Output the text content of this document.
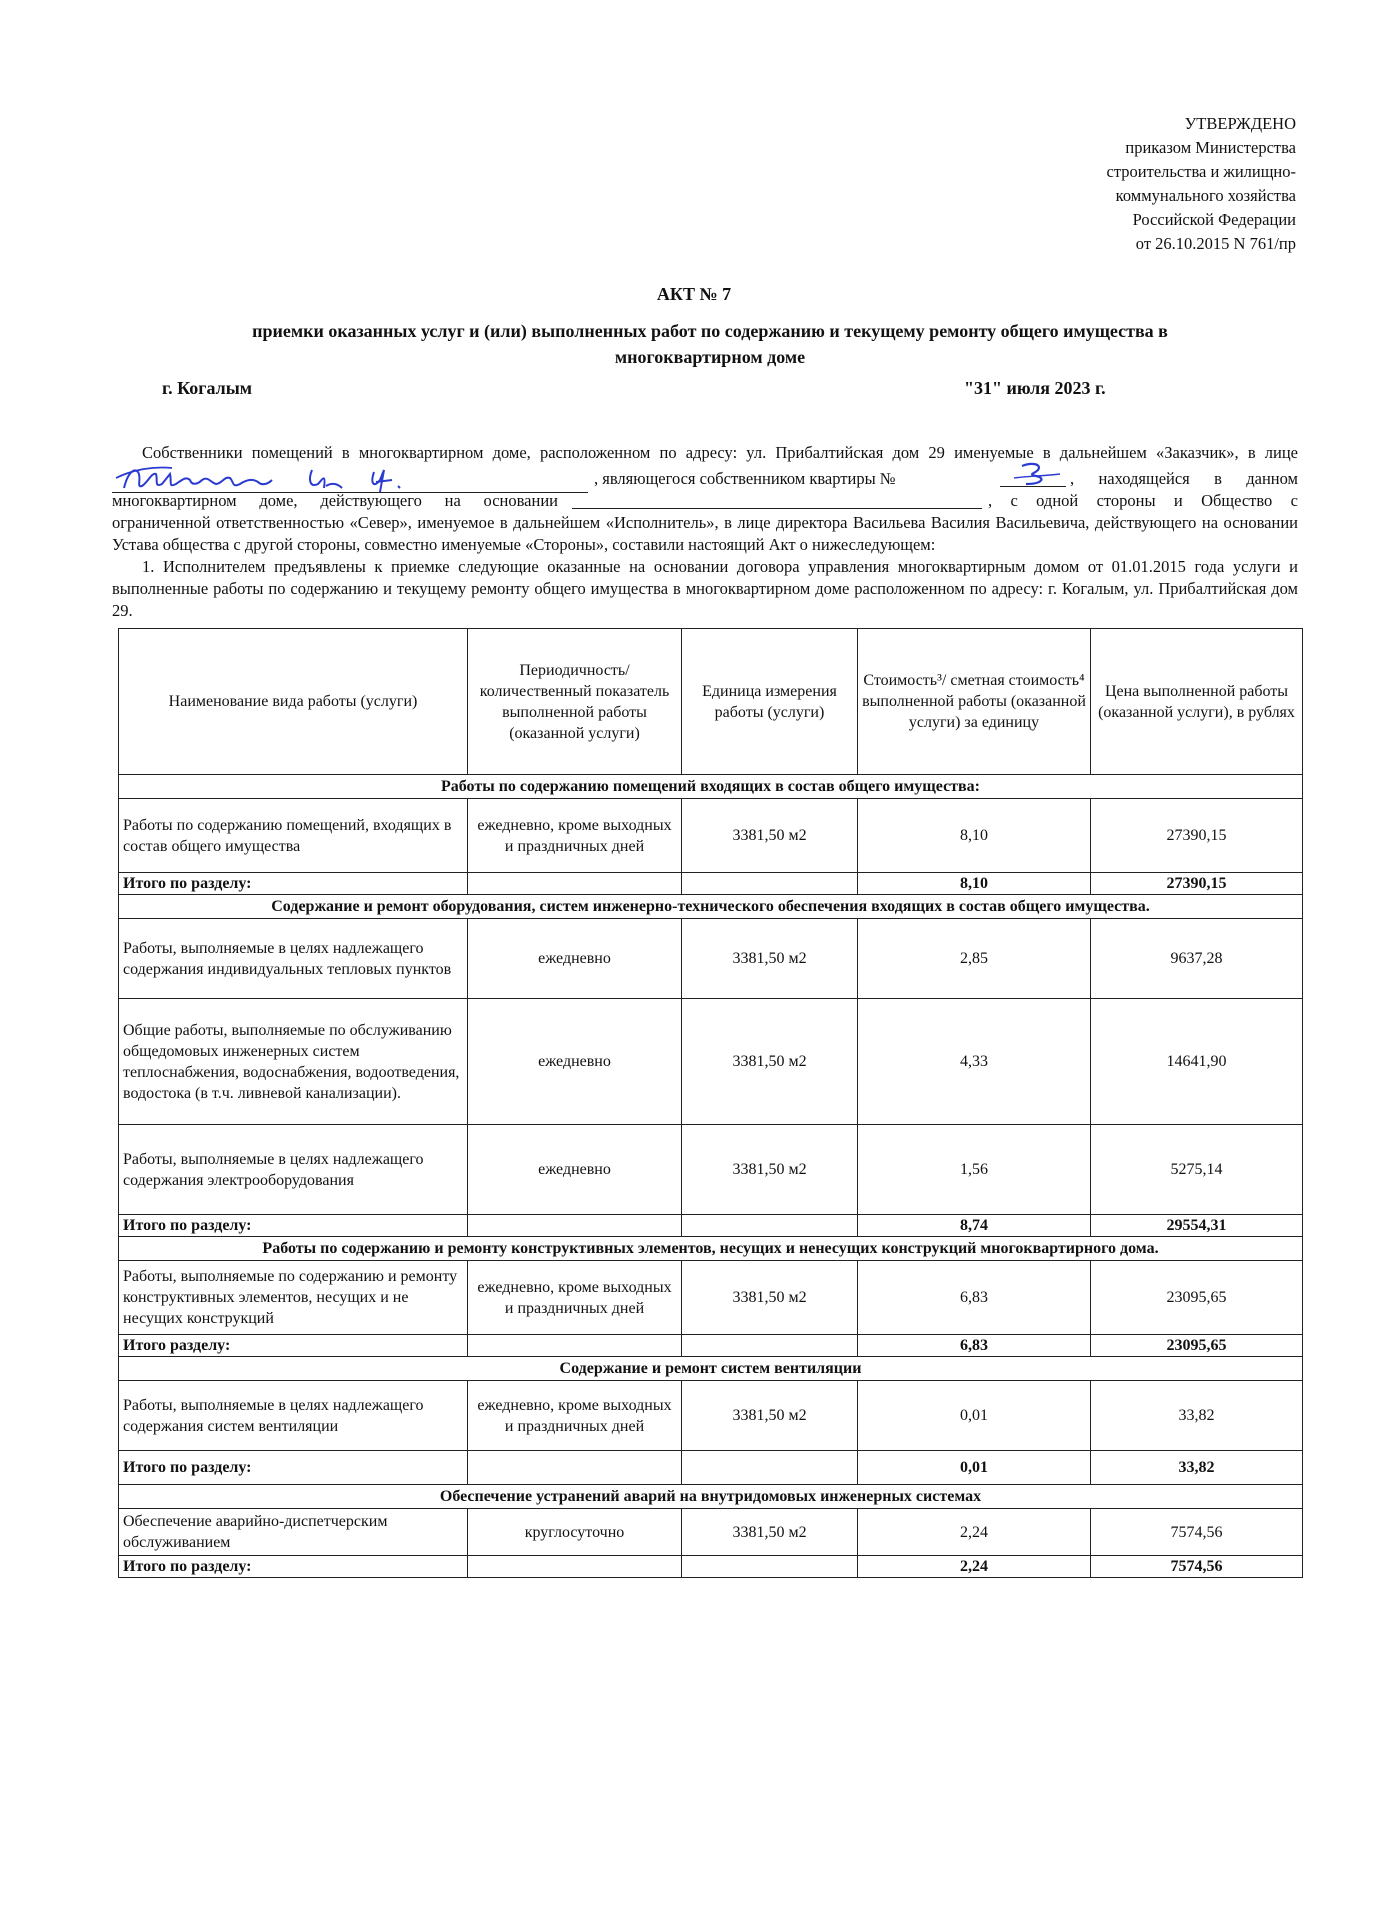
УТВЕРЖДЕНО
приказом Министерства
строительства и жилищно-
коммунального хозяйства
Российской Федерации
от 26.10.2015 N 761/пр
АКТ № 7
приемки оказанных услуг и (или) выполненных работ по содержанию и текущему ремонту общего имущества в многоквартирном доме
г. Когалым	"31" июля 2023 г.
Собственники помещений в многоквартирном доме, расположенном по адресу: ул. Прибалтийская дом 29 именуемые в дальнейшем «Заказчик», в лице
, являющегося собственником квартиры №	, находящейся в данном
многоквартирном доме, действующего на основании	, с одной стороны и Общество с
ограниченной ответственностью «Север», именуемое в дальнейшем «Исполнитель», в лице директора Васильева Василия Васильевича, действующего на основании Устава общества с другой стороны, совместно именуемые «Стороны», составили настоящий Акт о нижеследующем:
1. Исполнителем предъявлены к приемке следующие оказанные на основании договора управления многоквартирным домом от 01.01.2015 года услуги и выполненные работы по содержанию и текущему ремонту общего имущества в многоквартирном доме расположенном по адресу: г. Когалым, ул. Прибалтийская дом 29.
Наименование вида работы (услуги)	Периодичность/ количественный показатель выполненной работы (оказанной услуги)	Единица измерения работы (услуги)	Стоимость³/ сметная стоимость⁴ выполненной работы (оказанной услуги) за единицу	Цена выполненной работы (оказанной услуги), в рублях
Работы по содержанию помещений входящих в состав общего имущества:				
Работы по содержанию помещений, входящих в состав общего имущества	ежедневно, кроме выходных и праздничных дней	3381,50 м2	8,10	27390,15
Итого по разделу:			8,10	27390,15
Содержание и ремонт оборудования, систем инженерно-технического обеспечения входящих в состав общего имущества.				
Работы, выполняемые в целях надлежащего содержания индивидуальных тепловых пунктов	ежедневно	3381,50 м2	2,85	9637,28
Общие работы, выполняемые по обслуживанию общедомовых инженерных систем теплоснабжения, водоснабжения, водоотведения, водостока (в т.ч. ливневой канализации).	ежедневно	3381,50 м2	4,33	14641,90
Работы, выполняемые в целях надлежащего содержания электрооборудования	ежедневно	3381,50 м2	1,56	5275,14
Итого по разделу:			8,74	29554,31
Работы по содержанию и ремонту конструктивных элементов, несущих и ненесущих конструкций многоквартирного дома.				
Работы, выполняемые по содержанию и ремонту конструктивных элементов, несущих и не несущих конструкций	ежедневно, кроме выходных и праздничных дней	3381,50 м2	6,83	23095,65
Итого разделу:			6,83	23095,65
Содержание и ремонт систем вентиляции				
Работы, выполняемые в целях надлежащего содержания систем вентиляции	ежедневно, кроме выходных и праздничных дней	3381,50 м2	0,01	33,82
Итого по разделу:			0,01	33,82
Обеспечение устранений аварий на внутридомовых инженерных системах				
Обеспечение аварийно-диспетчерским обслуживанием	круглосуточно	3381,50 м2	2,24	7574,56
Итого по разделу:			2,24	7574,56
